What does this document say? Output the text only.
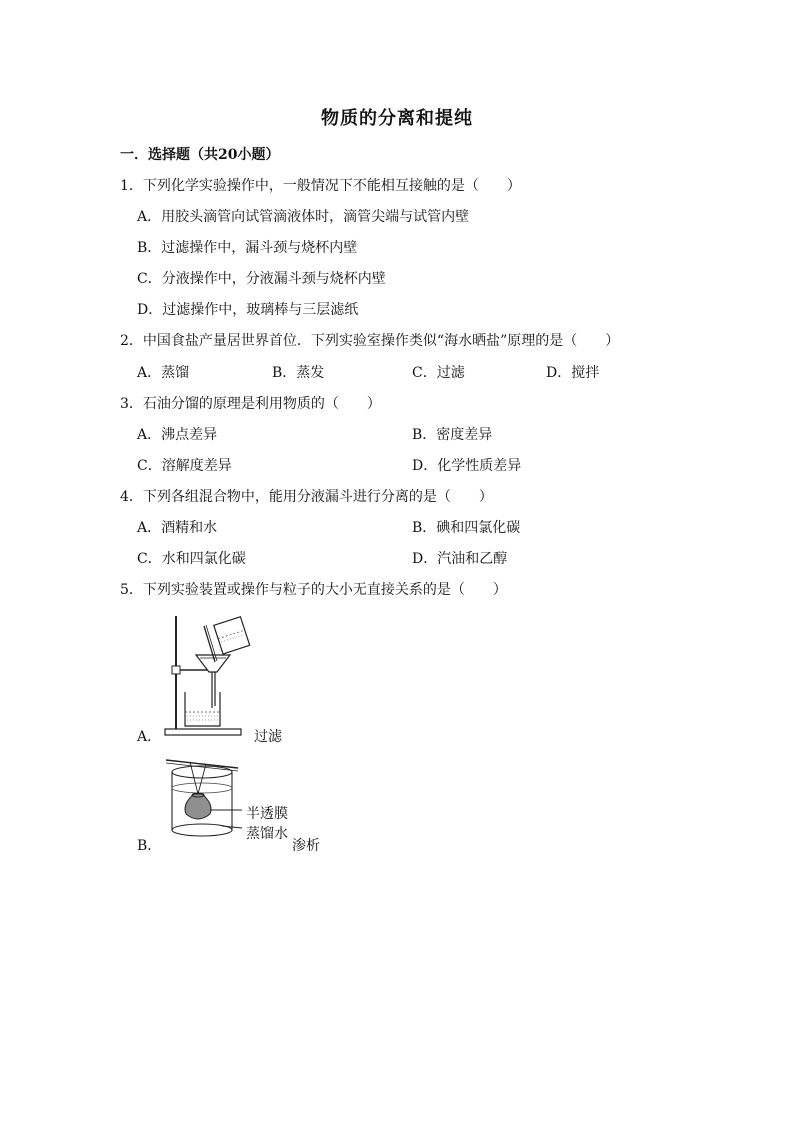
物质的分离和提纯
一．选择题（共20小题）
1．下列化学实验操作中，一般情况下不能相互接触的是（　　）
A．用胶头滴管向试管滴液体时，滴管尖端与试管内壁
B．过滤操作中，漏斗颈与烧杯内壁
C．分液操作中，分液漏斗颈与烧杯内壁
D．过滤操作中，玻璃棒与三层滤纸
2．中国食盐产量居世界首位．下列实验室操作类似“海水晒盐”原理的是（　　）
A．蒸馏	B．蒸发	C．过滤	D．搅拌
3．石油分馏的原理是利用物质的（　　）
A．沸点差异	B．密度差异
C．溶解度差异	D．化学性质差异
4．下列各组混合物中，能用分液漏斗进行分离的是（　　）
A．酒精和水	B．碘和四氯化碳
C．水和四氯化碳	D．汽油和乙醇
5．下列实验装置或操作与粒子的大小无直接关系的是（　　）
A．	过滤
B．
半透膜
蒸馏水
渗析
